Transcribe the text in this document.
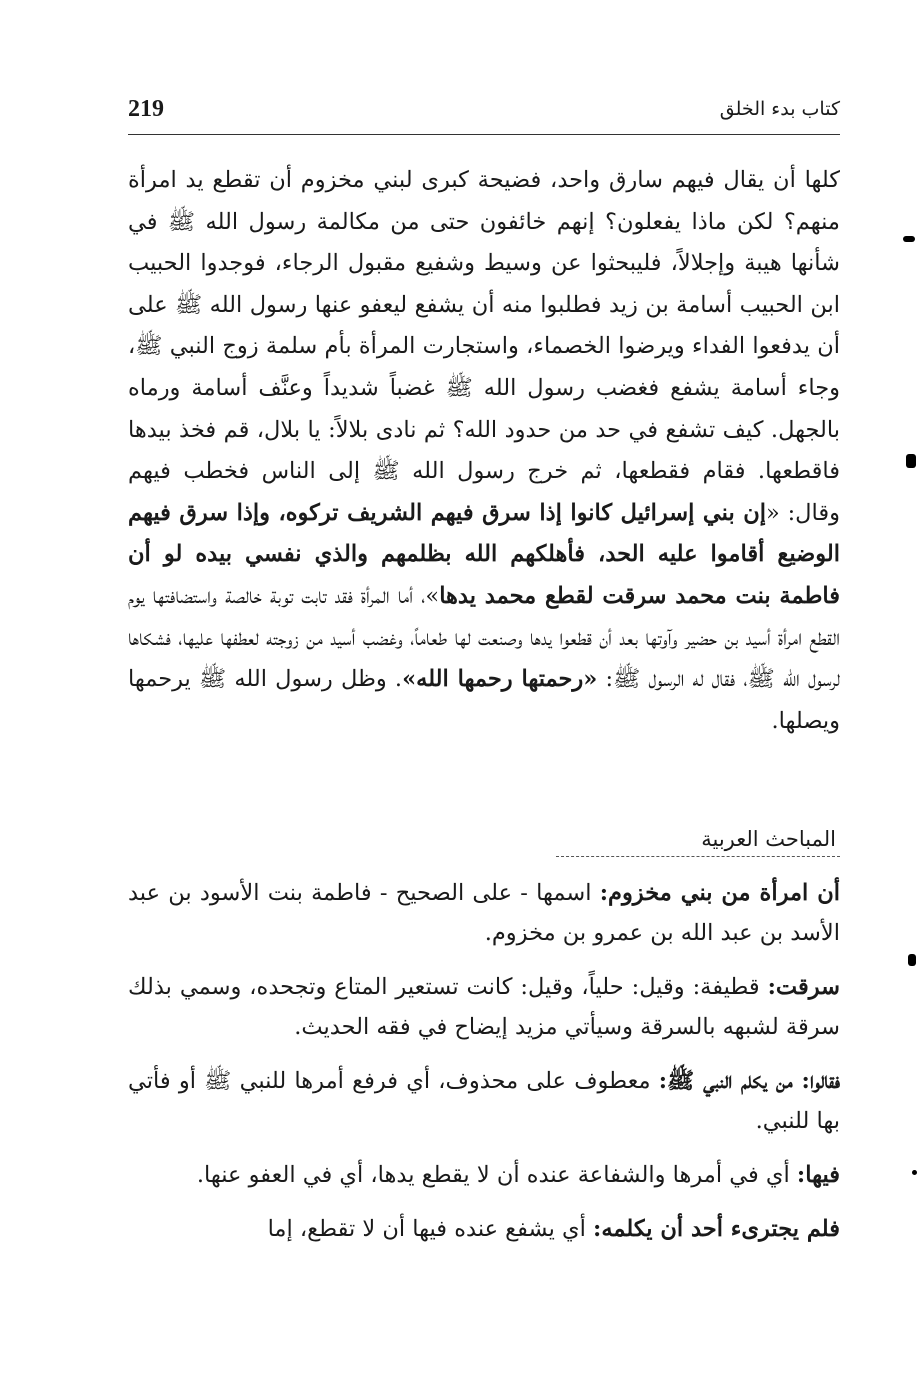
219	كتاب بدء الخلق

كلها أن يقال فيهم سارق واحد، فضيحة كبرى لبني مخزوم أن تقطع يد امرأة منهم؟ لكن ماذا يفعلون؟ إنهم خائفون حتى من مكالمة رسول الله ﷺ في شأنها هيبة وإجلالاً، فليبحثوا عن وسيط وشفيع مقبول الرجاء، فوجدوا الحبيب ابن الحبيب أسامة بن زيد فطلبوا منه أن يشفع ليعفو عنها رسول الله ﷺ على أن يدفعوا الفداء ويرضوا الخصماء، واستجارت المرأة بأم سلمة زوج النبي ﷺ، وجاء أسامة يشفع فغضب رسول الله ﷺ غضباً شديداً وعنَّف أسامة ورماه بالجهل. كيف تشفع في حد من حدود الله؟ ثم نادى بلالاً: يا بلال، قم فخذ بيدها فاقطعها. فقام فقطعها، ثم خرج رسول الله ﷺ إلى الناس فخطب فيهم وقال: «إن بني إسرائيل كانوا إذا سرق فيهم الشريف تركوه، وإذا سرق فيهم الوضيع أقاموا عليه الحد، فأهلكهم الله بظلمهم والذي نفسي بيده لو أن فاطمة بنت محمد سرقت لقطع محمد يدها»، أما المرأة فقد تابت توبة خالصة واستضافتها يوم القطع امرأة أسيد بن حضير وآوتها بعد أن قطعوا يدها وصنعت لها طعاماً، وغضب أسيد من زوجته لعطفها عليها، فشكاها لرسول الله ﷺ، فقال له الرسول ﷺ: «رحمتها رحمها الله». وظل رسول الله ﷺ يرحمها ويصلها.

المباحث العربية

أن امرأة من بني مخزوم: اسمها - على الصحيح - فاطمة بنت الأسود بن عبد الأسد بن عبد الله بن عمرو بن مخزوم.

سرقت: قطيفة: وقيل: حلياً، وقيل: كانت تستعير المتاع وتجحده، وسمي بذلك سرقة لشبهه بالسرقة وسيأتي مزيد إيضاح في فقه الحديث.

فقالوا: من يكلم النبي ﷺ: معطوف على محذوف، أي فرفع أمرها للنبي ﷺ أو فأتي بها للنبي.

فيها: أي في أمرها والشفاعة عنده أن لا يقطع يدها، أي في العفو عنها.

فلم يجترىء أحد أن يكلمه: أي يشفع عنده فيها أن لا تقطع، إما
